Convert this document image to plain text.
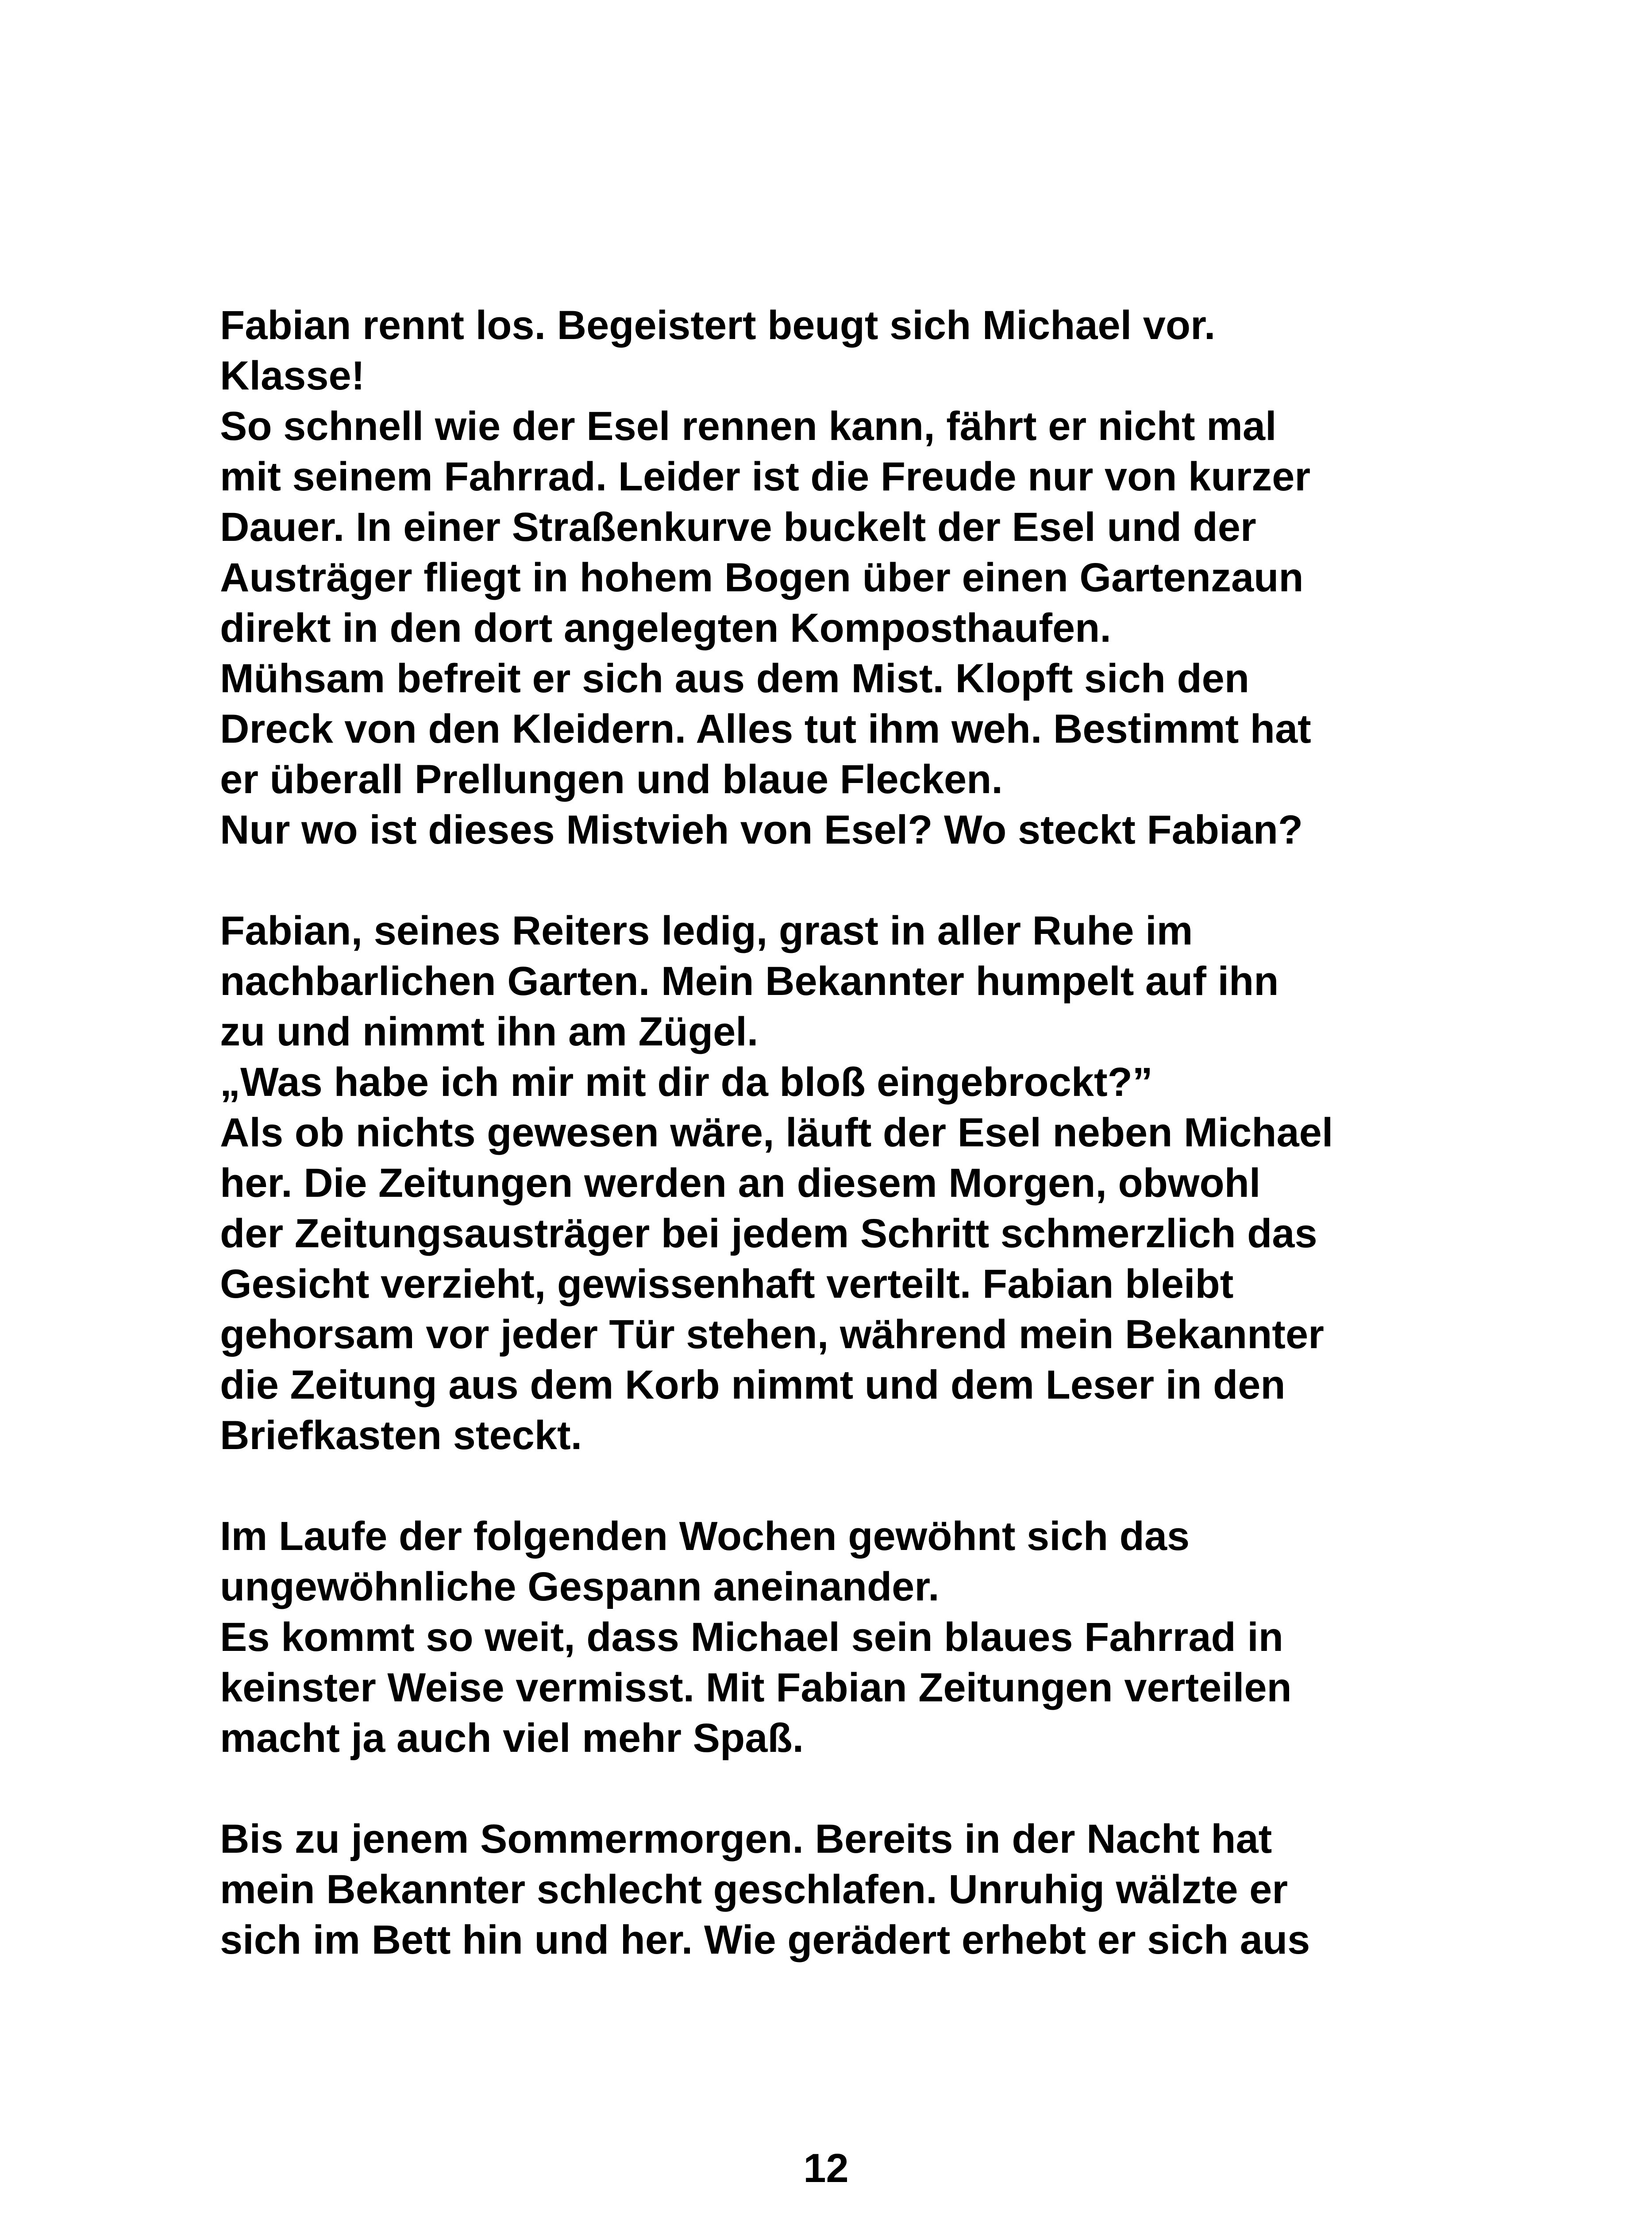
Fabian rennt los. Begeistert beugt sich Michael vor.
Klasse!
So schnell wie der Esel rennen kann, fährt er nicht mal
mit seinem Fahrrad. Leider ist die Freude nur von kurzer
Dauer. In einer Straßenkurve buckelt der Esel und der
Austräger fliegt in hohem Bogen über einen Gartenzaun
direkt in den dort angelegten Komposthaufen.
Mühsam befreit er sich aus dem Mist. Klopft sich den
Dreck von den Kleidern. Alles tut ihm weh. Bestimmt hat
er überall Prellungen und blaue Flecken.
Nur wo ist dieses Mistvieh von Esel? Wo steckt Fabian?
Fabian, seines Reiters ledig, grast in aller Ruhe im
nachbarlichen Garten. Mein Bekannter humpelt auf ihn
zu und nimmt ihn am Zügel.
„Was habe ich mir mit dir da bloß eingebrockt?”
Als ob nichts gewesen wäre, läuft der Esel neben Michael
her. Die Zeitungen werden an diesem Morgen, obwohl
der Zeitungsausträger bei jedem Schritt schmerzlich das
Gesicht verzieht, gewissenhaft verteilt. Fabian bleibt
gehorsam vor jeder Tür stehen, während mein Bekannter
die Zeitung aus dem Korb nimmt und dem Leser in den
Briefkasten steckt.
Im Laufe der folgenden Wochen gewöhnt sich das
ungewöhnliche Gespann aneinander.
Es kommt so weit, dass Michael sein blaues Fahrrad in
keinster Weise vermisst. Mit Fabian Zeitungen verteilen
macht ja auch viel mehr Spaß.
Bis zu jenem Sommermorgen. Bereits in der Nacht hat
mein Bekannter schlecht geschlafen. Unruhig wälzte er
sich im Bett hin und her. Wie gerädert erhebt er sich aus
12
